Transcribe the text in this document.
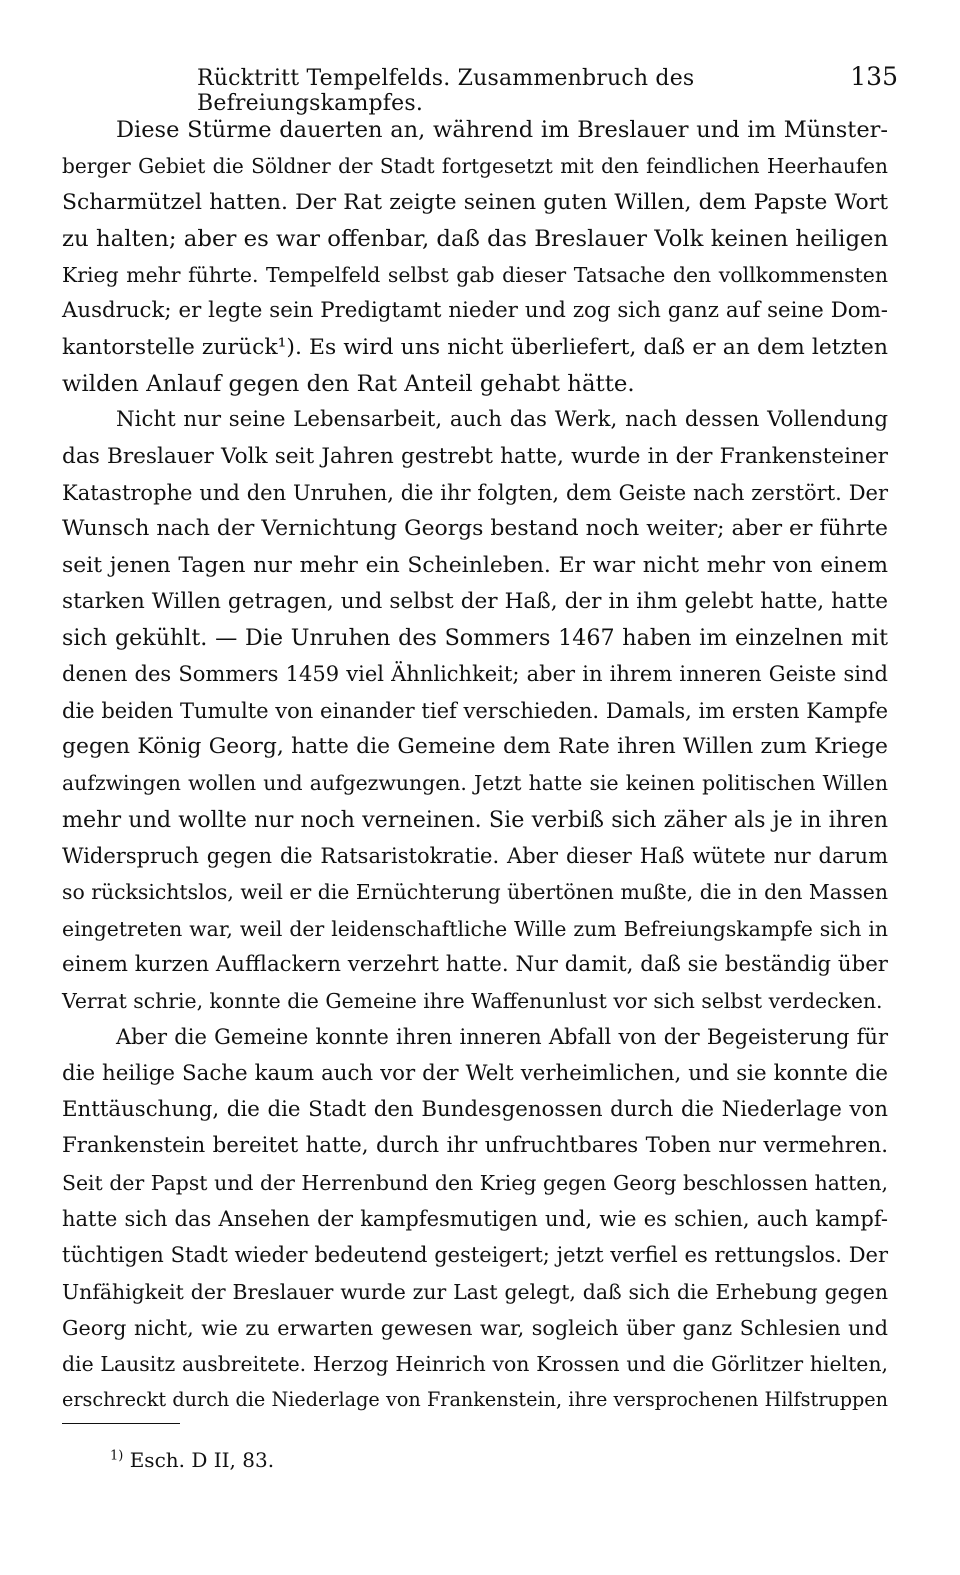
Rücktritt Tempelfelds. Zusammenbruch des Befreiungskampfes.
135

Diese Stürme dauerten an, während im Breslauer und im Münster-
berger Gebiet die Söldner der Stadt fortgesetzt mit den feindlichen Heerhaufen
Scharmützel hatten. Der Rat zeigte seinen guten Willen, dem Papste Wort
zu halten; aber es war offenbar, daß das Breslauer Volk keinen heiligen
Krieg mehr führte. Tempelfeld selbst gab dieser Tatsache den vollkommensten
Ausdruck; er legte sein Predigtamt nieder und zog sich ganz auf seine Dom-
kantorstelle zurück¹). Es wird uns nicht überliefert, daß er an dem letzten
wilden Anlauf gegen den Rat Anteil gehabt hätte.

Nicht nur seine Lebensarbeit, auch das Werk, nach dessen Vollendung
das Breslauer Volk seit Jahren gestrebt hatte, wurde in der Frankensteiner
Katastrophe und den Unruhen, die ihr folgten, dem Geiste nach zerstört. Der
Wunsch nach der Vernichtung Georgs bestand noch weiter; aber er führte
seit jenen Tagen nur mehr ein Scheinleben. Er war nicht mehr von einem
starken Willen getragen, und selbst der Haß, der in ihm gelebt hatte, hatte
sich gekühlt. — Die Unruhen des Sommers 1467 haben im einzelnen mit
denen des Sommers 1459 viel Ähnlichkeit; aber in ihrem inneren Geiste sind
die beiden Tumulte von einander tief verschieden. Damals, im ersten Kampfe
gegen König Georg, hatte die Gemeine dem Rate ihren Willen zum Kriege
aufzwingen wollen und aufgezwungen. Jetzt hatte sie keinen politischen Willen
mehr und wollte nur noch verneinen. Sie verbiß sich zäher als je in ihren
Widerspruch gegen die Ratsaristokratie. Aber dieser Haß wütete nur darum
so rücksichtslos, weil er die Ernüchterung übertönen mußte, die in den Massen
eingetreten war, weil der leidenschaftliche Wille zum Befreiungskampfe sich in
einem kurzen Aufflackern verzehrt hatte. Nur damit, daß sie beständig über
Verrat schrie, konnte die Gemeine ihre Waffenunlust vor sich selbst verdecken.

Aber die Gemeine konnte ihren inneren Abfall von der Begeisterung für
die heilige Sache kaum auch vor der Welt verheimlichen, und sie konnte die
Enttäuschung, die die Stadt den Bundesgenossen durch die Niederlage von
Frankenstein bereitet hatte, durch ihr unfruchtbares Toben nur vermehren.
Seit der Papst und der Herrenbund den Krieg gegen Georg beschlossen hatten,
hatte sich das Ansehen der kampfesmutigen und, wie es schien, auch kampf-
tüchtigen Stadt wieder bedeutend gesteigert; jetzt verfiel es rettungslos. Der
Unfähigkeit der Breslauer wurde zur Last gelegt, daß sich die Erhebung gegen
Georg nicht, wie zu erwarten gewesen war, sogleich über ganz Schlesien und
die Lausitz ausbreitete. Herzog Heinrich von Krossen und die Görlitzer hielten,
erschreckt durch die Niederlage von Frankenstein, ihre versprochenen Hilfstruppen

$^{1)}$ Esch. D II, 83.
